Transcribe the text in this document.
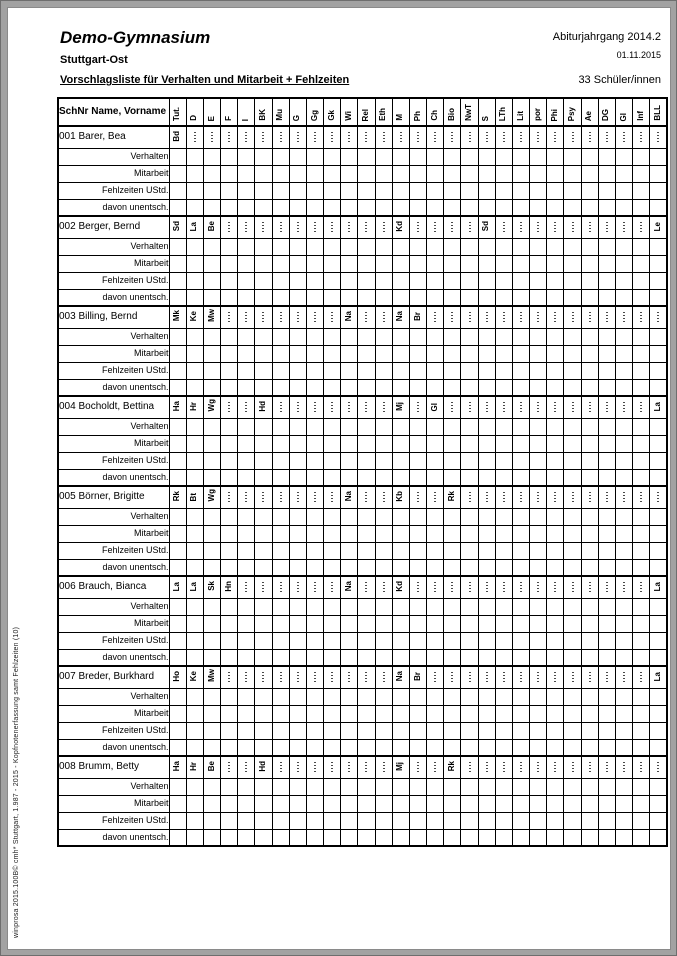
Demo-Gymnasium
Stuttgart-Ost
Vorschlagsliste für Verhalten und Mitarbeit + Fehlzeiten
Abiturjahrgang 2014.2
01.11.2015
33 Schüler/innen
SchNr Name, Vorname	Tut.	D	E	F	I	BK	Mu	G	Gg	Gk	Wi	Rel	Eth	M	Ph	Ch	Bio	NwT	S	LTh	Lit	por	Phi	Psy	Ae	DG	Gl	Inf	BLL
001 Barer, Bea	Bd																												
Verhalten																													
Mitarbeit																													
Fehlzeiten UStd.																													
davon unentsch.																													
002 Berger, Bernd	Sd	La	Be											Kd					Sd										Le
Verhalten																													
Mitarbeit																													
Fehlzeiten UStd.																													
davon unentsch.																													
003 Billing, Bernd	Mk	Ke	Mw								Na			Na	Br														
Verhalten																													
Mitarbeit																													
Fehlzeiten UStd.																													
davon unentsch.																													
004 Bocholdt, Bettina	Ha	Hr	Wg			Hd								Mj		Gl													La
Verhalten																													
Mitarbeit																													
Fehlzeiten UStd.																													
davon unentsch.																													
005 Börner, Brigitte	Rk	Bt	Wg								Na			Kb			Rk												
Verhalten																													
Mitarbeit																													
Fehlzeiten UStd.																													
davon unentsch.																													
006 Brauch, Bianca	La	La	Sk	Hn							Na			Kd															La
Verhalten																													
Mitarbeit																													
Fehlzeiten UStd.																													
davon unentsch.																													
007 Breder, Burkhard	Ho	Ke	Mw											Na	Br														La
Verhalten																													
Mitarbeit																													
Fehlzeiten UStd.																													
davon unentsch.																													
008 Brumm, Betty	Ha	Hr	Be			Hd								Mj			Rk												
Verhalten																													
Mitarbeit																													
Fehlzeiten UStd.																													
davon unentsch.																													
winprosa 2015.100B© cmh* Stuttgart, 1.987 - 2015 - Kopfnotenerfassung samt Fehlzeiten (10)
